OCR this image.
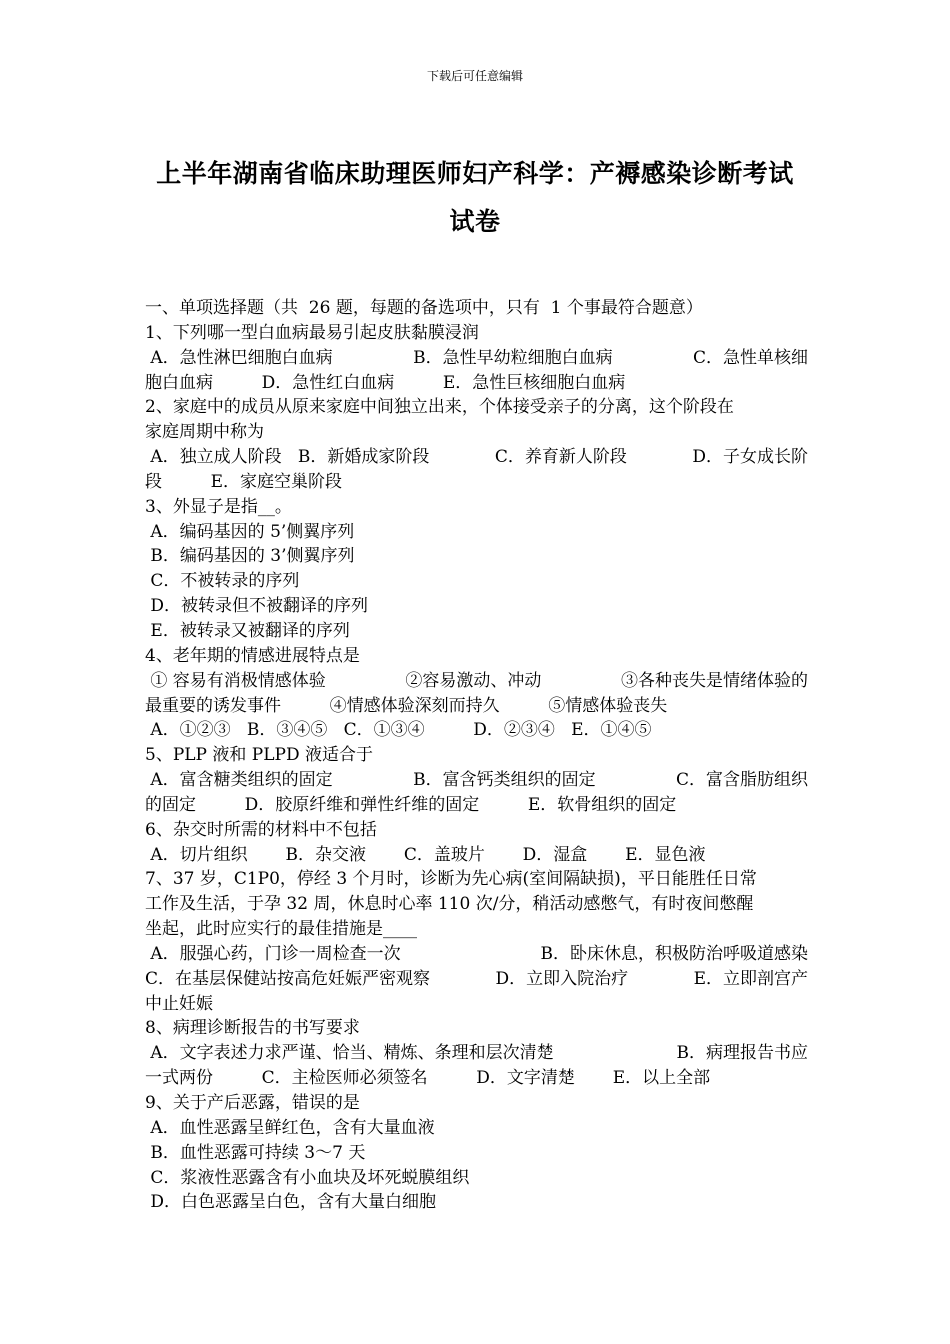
下载后可任意编辑
上半年湖南省临床助理医师妇产科学：产褥感染诊断考试
试卷
一、单项选择题（共  26 题，每题的备选项中，只有  1 个事最符合题意）
1、下列哪一型白血病最易引起皮肤黏膜浸润
A．急性淋巴细胞白血病	B．急性早幼粒细胞白血病	C．急性单核细
胞白血病         D．急性红白血病         E．急性巨核细胞白血病
2、家庭中的成员从原来家庭中间独立出来，个体接受亲子的分离，这个阶段在
家庭周期中称为
A．独立成人阶段   B．新婚成家阶段	C．养育新人阶段	D．子女成长阶
段         E．家庭空巢阶段
3、外显子是指__。
A．编码基因的 5’侧翼序列
B．编码基因的 3’侧翼序列
C．不被转录的序列
D．被转录但不被翻译的序列
E．被转录又被翻译的序列
4、老年期的情感进展特点是
① 容易有消极情感体验	②容易激动、冲动	③各种丧失是情绪体验的
最重要的诱发事件         ④情感体验深刻而持久         ⑤情感体验丧失
A．①②③   B．③④⑤   C．①③④         D．②③④   E．①④⑤
5、PLP 液和 PLPD 液适合于
A．富含糖类组织的固定	B．富含钙类组织的固定	C．富含脂肪组织
的固定         D．胶原纤维和弹性纤维的固定         E．软骨组织的固定
6、杂交时所需的材料中不包括
A．切片组织       B．杂交液       C．盖玻片       D．湿盒       E．显色液
7、37 岁，C1P0，停经 3 个月时，诊断为先心病(室间隔缺损)，平日能胜任日常
工作及生活，于孕 32 周，休息时心率 110 次/分，稍活动感憋气，有时夜间憋醒
坐起，此时应实行的最佳措施是____
A．服强心药，门诊一周检查一次	B．卧床休息，积极防治呼吸道感染
C．在基层保健站按高危妊娠严密观察	D．立即入院治疗	E．立即剖宫产
中止妊娠
8、病理诊断报告的书写要求
A．文字表述力求严谨、恰当、精炼、条理和层次清楚	B．病理报告书应
一式两份         C．主检医师必须签名         D．文字清楚       E．以上全部
9、关于产后恶露，错误的是
A．血性恶露呈鲜红色，含有大量血液
B．血性恶露可持续 3～7 天
C．浆液性恶露含有小血块及坏死蜕膜组织
D．白色恶露呈白色，含有大量白细胞
